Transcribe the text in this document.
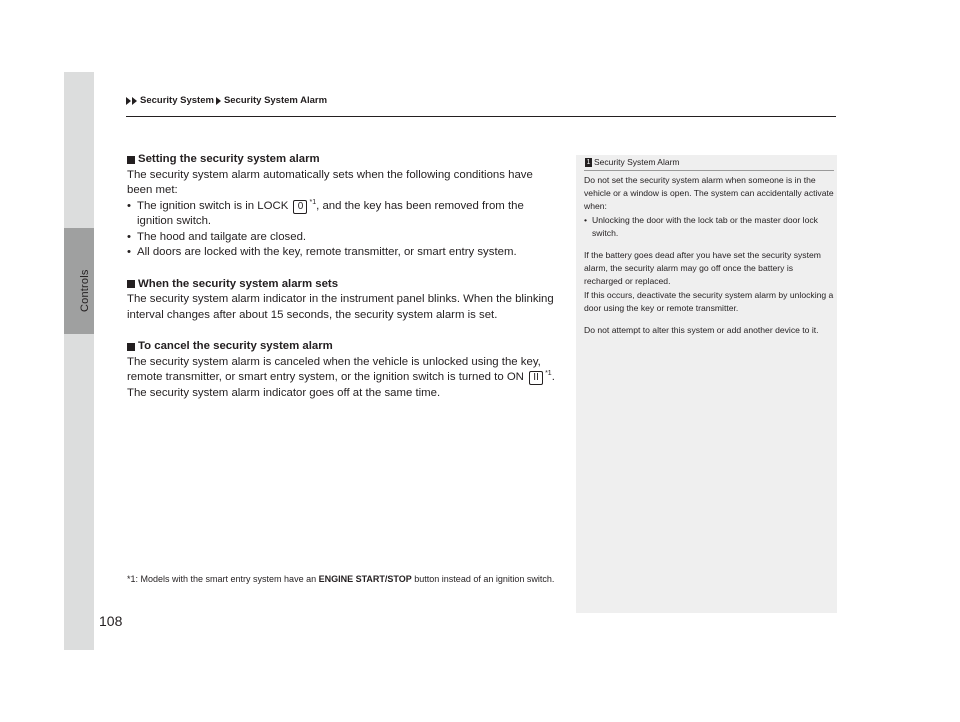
Controls
Security System Security System Alarm

Setting the security system alarm

The security system alarm automatically sets when the following conditions have been met:

• The ignition switch is in LOCK 0 $^{*1}$, and the key has been removed from the ignition switch.
• The hood and tailgate are closed.
• All doors are locked with the key, remote transmitter, or smart entry system.

When the security system alarm sets

The security system alarm indicator in the instrument panel blinks. When the blinking interval changes after about 15 seconds, the security system alarm is set.

To cancel the security system alarm

The security system alarm is canceled when the vehicle is unlocked using the key, remote transmitter, or smart entry system, or the ignition switch is turned to ON II $^{*1}$. The security system alarm indicator goes off at the same time.

*1: Models with the smart entry system have an ENGINE START/STOP button instead of an ignition switch.
1 Security System Alarm

Do not set the security system alarm when someone is in the vehicle or a window is open. The system can accidentally activate when:

• Unlocking the door with the lock tab or the master door lock switch.

If the battery goes dead after you have set the security system alarm, the security alarm may go off once the battery is recharged or replaced.

If this occurs, deactivate the security system alarm by unlocking a door using the key or remote transmitter.

Do not attempt to alter this system or add another device to it.

108
